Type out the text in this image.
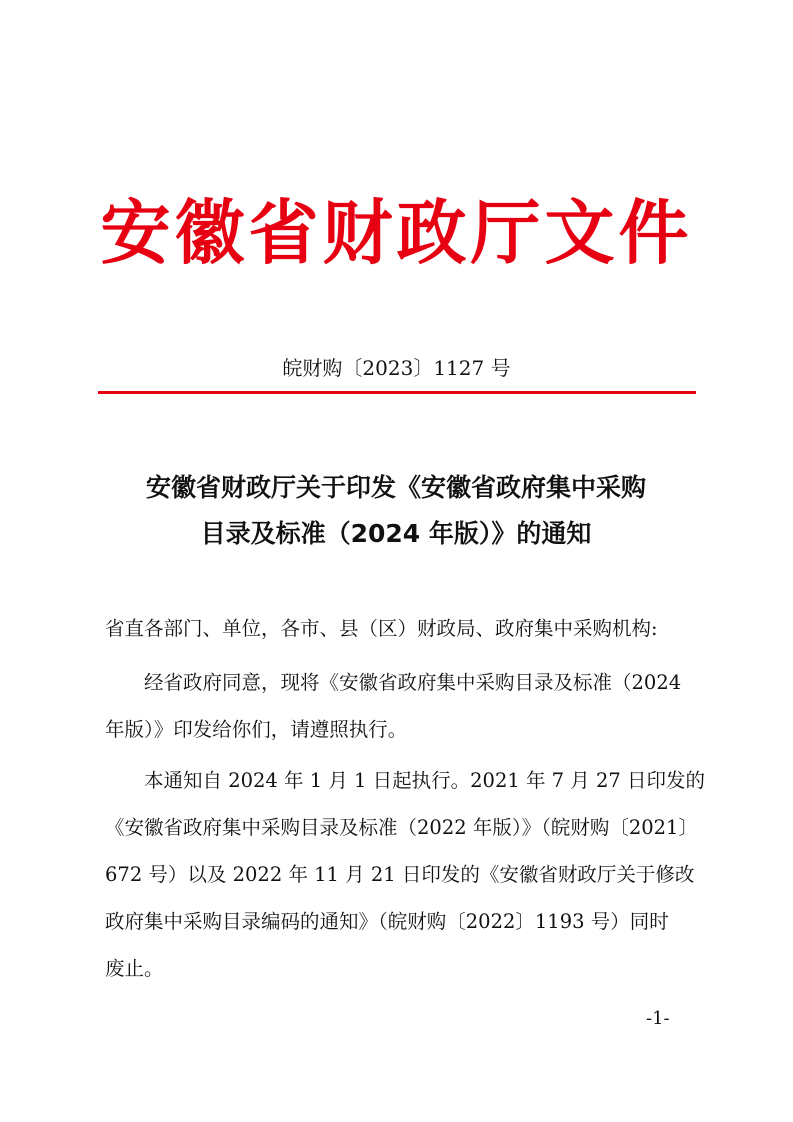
安徽省财政厅文件
皖财购〔2023〕1127 号
安徽省财政厅关于印发《安徽省政府集中采购
目录及标准（2024 年版）》的通知
省直各部门、单位，各市、县（区）财政局、政府集中采购机构:
　　经省政府同意，现将《安徽省政府集中采购目录及标准（2024
年版）》印发给你们，请遵照执行。
　　本通知自 2024 年 1 月 1 日起执行。2021 年 7 月 27 日印发的
《安徽省政府集中采购目录及标准（2022 年版）》（皖财购〔2021〕
672 号）以及 2022 年 11 月 21 日印发的《安徽省财政厅关于修改
政府集中采购目录编码的通知》（皖财购〔2022〕1193 号）同时
废止。
-1-
